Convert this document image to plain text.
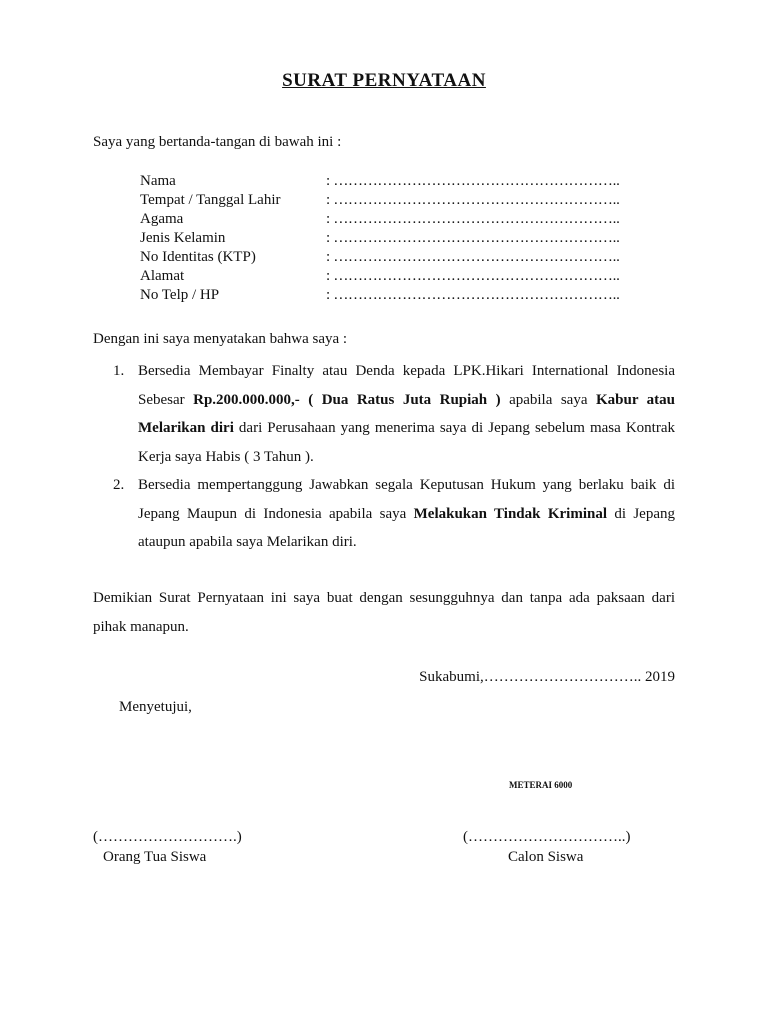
SURAT PERNYATAAN
Saya yang bertanda-tangan di bawah ini :
Nama	: …………………………………………………..
Tempat / Tanggal Lahir	: …………………………………………………..
Agama	: …………………………………………………..
Jenis Kelamin	: …………………………………………………..
No Identitas (KTP)	: …………………………………………………..
Alamat	: …………………………………………………..
No Telp / HP	: …………………………………………………..
Dengan ini saya menyatakan bahwa saya :
1. Bersedia Membayar Finalty atau Denda kepada LPK.Hikari International Indonesia Sebesar Rp.200.000.000,- ( Dua Ratus Juta Rupiah ) apabila saya Kabur atau Melarikan diri dari Perusahaan yang menerima saya di Jepang sebelum masa Kontrak Kerja saya Habis ( 3 Tahun ).
2. Bersedia mempertanggung Jawabkan segala Keputusan Hukum yang berlaku baik di Jepang Maupun di Indonesia apabila saya Melakukan Tindak Kriminal di Jepang ataupun apabila saya Melarikan diri.
Demikian Surat Pernyataan ini saya buat dengan sesungguhnya dan tanpa ada paksaan dari pihak manapun.
Sukabumi,………………………….. 2019
Menyetujui,
METERAI 6000
(……………………….)
Orang Tua Siswa
(…………………………..)
Calon Siswa
